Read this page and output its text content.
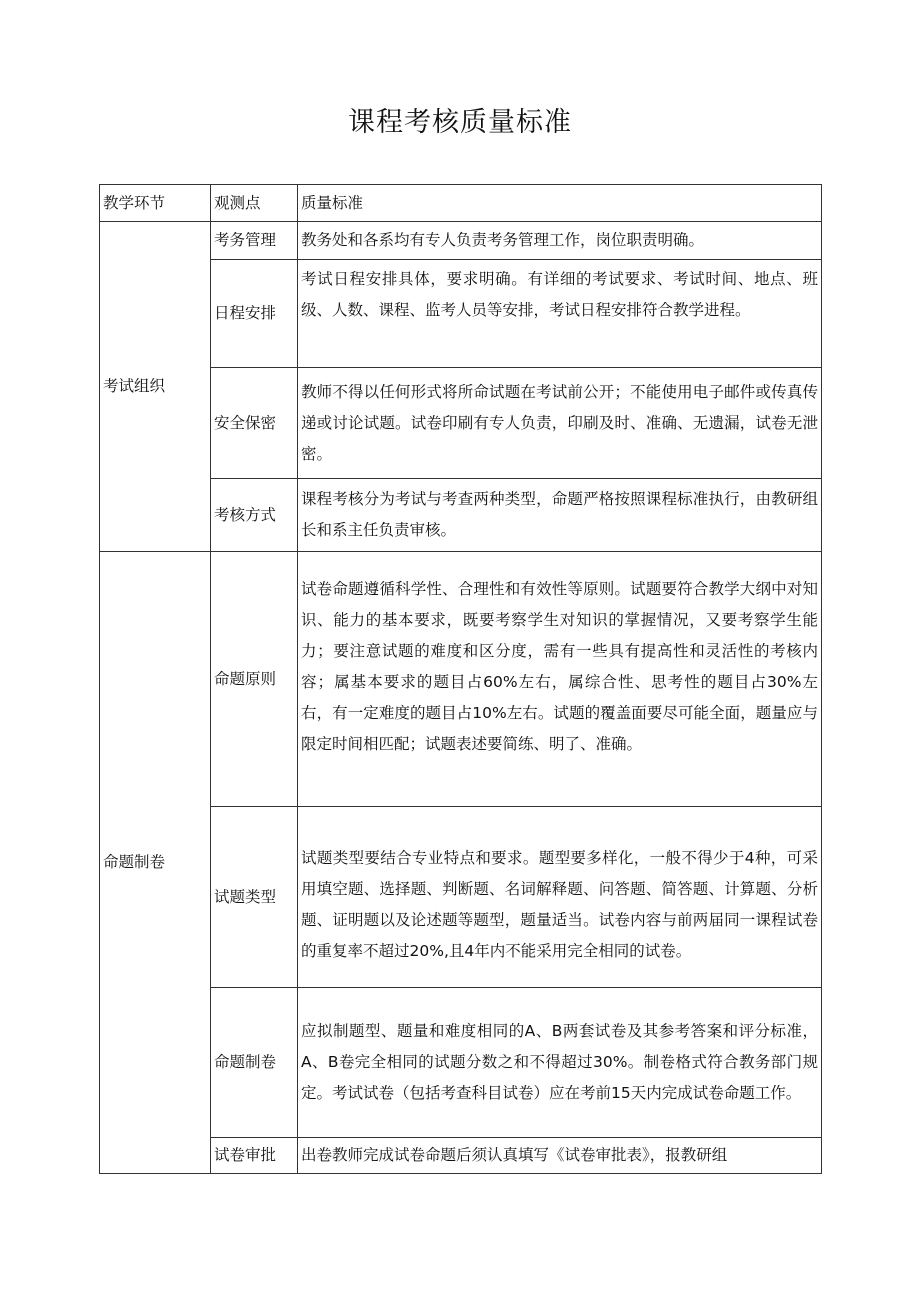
课程考核质量标准
教学环节	观测点	质量标准
考试组织	考务管理	教务处和各系均有专人负责考务管理工作，岗位职责明确。
	日程安排	考试日程安排具体，要求明确。有详细的考试要求、考试时间、地点、班级、人数、课程、监考人员等安排，考试日程安排符合教学进程。
	安全保密	教师不得以任何形式将所命试题在考试前公开；不能使用电子邮件或传真传递或讨论试题。试卷印刷有专人负责，印刷及时、准确、无遗漏，试卷无泄密。
	考核方式	课程考核分为考试与考查两种类型，命题严格按照课程标准执行，由教研组长和系主任负责审核。
命题制卷	命题原则	试卷命题遵循科学性、合理性和有效性等原则。试题要符合教学大纲中对知识、能力的基本要求，既要考察学生对知识的掌握情况，又要考察学生能力；要注意试题的难度和区分度，需有一些具有提高性和灵活性的考核内容；属基本要求的题目占60%左右，属综合性、思考性的题目占30%左右，有一定难度的题目占10%左右。试题的覆盖面要尽可能全面，题量应与限定时间相匹配；试题表述要简练、明了、准确。
	试题类型	试题类型要结合专业特点和要求。题型要多样化，一般不得少于4种，可采用填空题、选择题、判断题、名词解释题、问答题、简答题、计算题、分析题、证明题以及论述题等题型，题量适当。试卷内容与前两届同一课程试卷的重复率不超过20%,且4年内不能采用完全相同的试卷。
	命题制卷	应拟制题型、题量和难度相同的A、B两套试卷及其参考答案和评分标准，A、B卷完全相同的试题分数之和不得超过30%。制卷格式符合教务部门规定。考试试卷（包括考查科目试卷）应在考前15天内完成试卷命题工作。
	试卷审批	出卷教师完成试卷命题后须认真填写《试卷审批表》，报教研组
